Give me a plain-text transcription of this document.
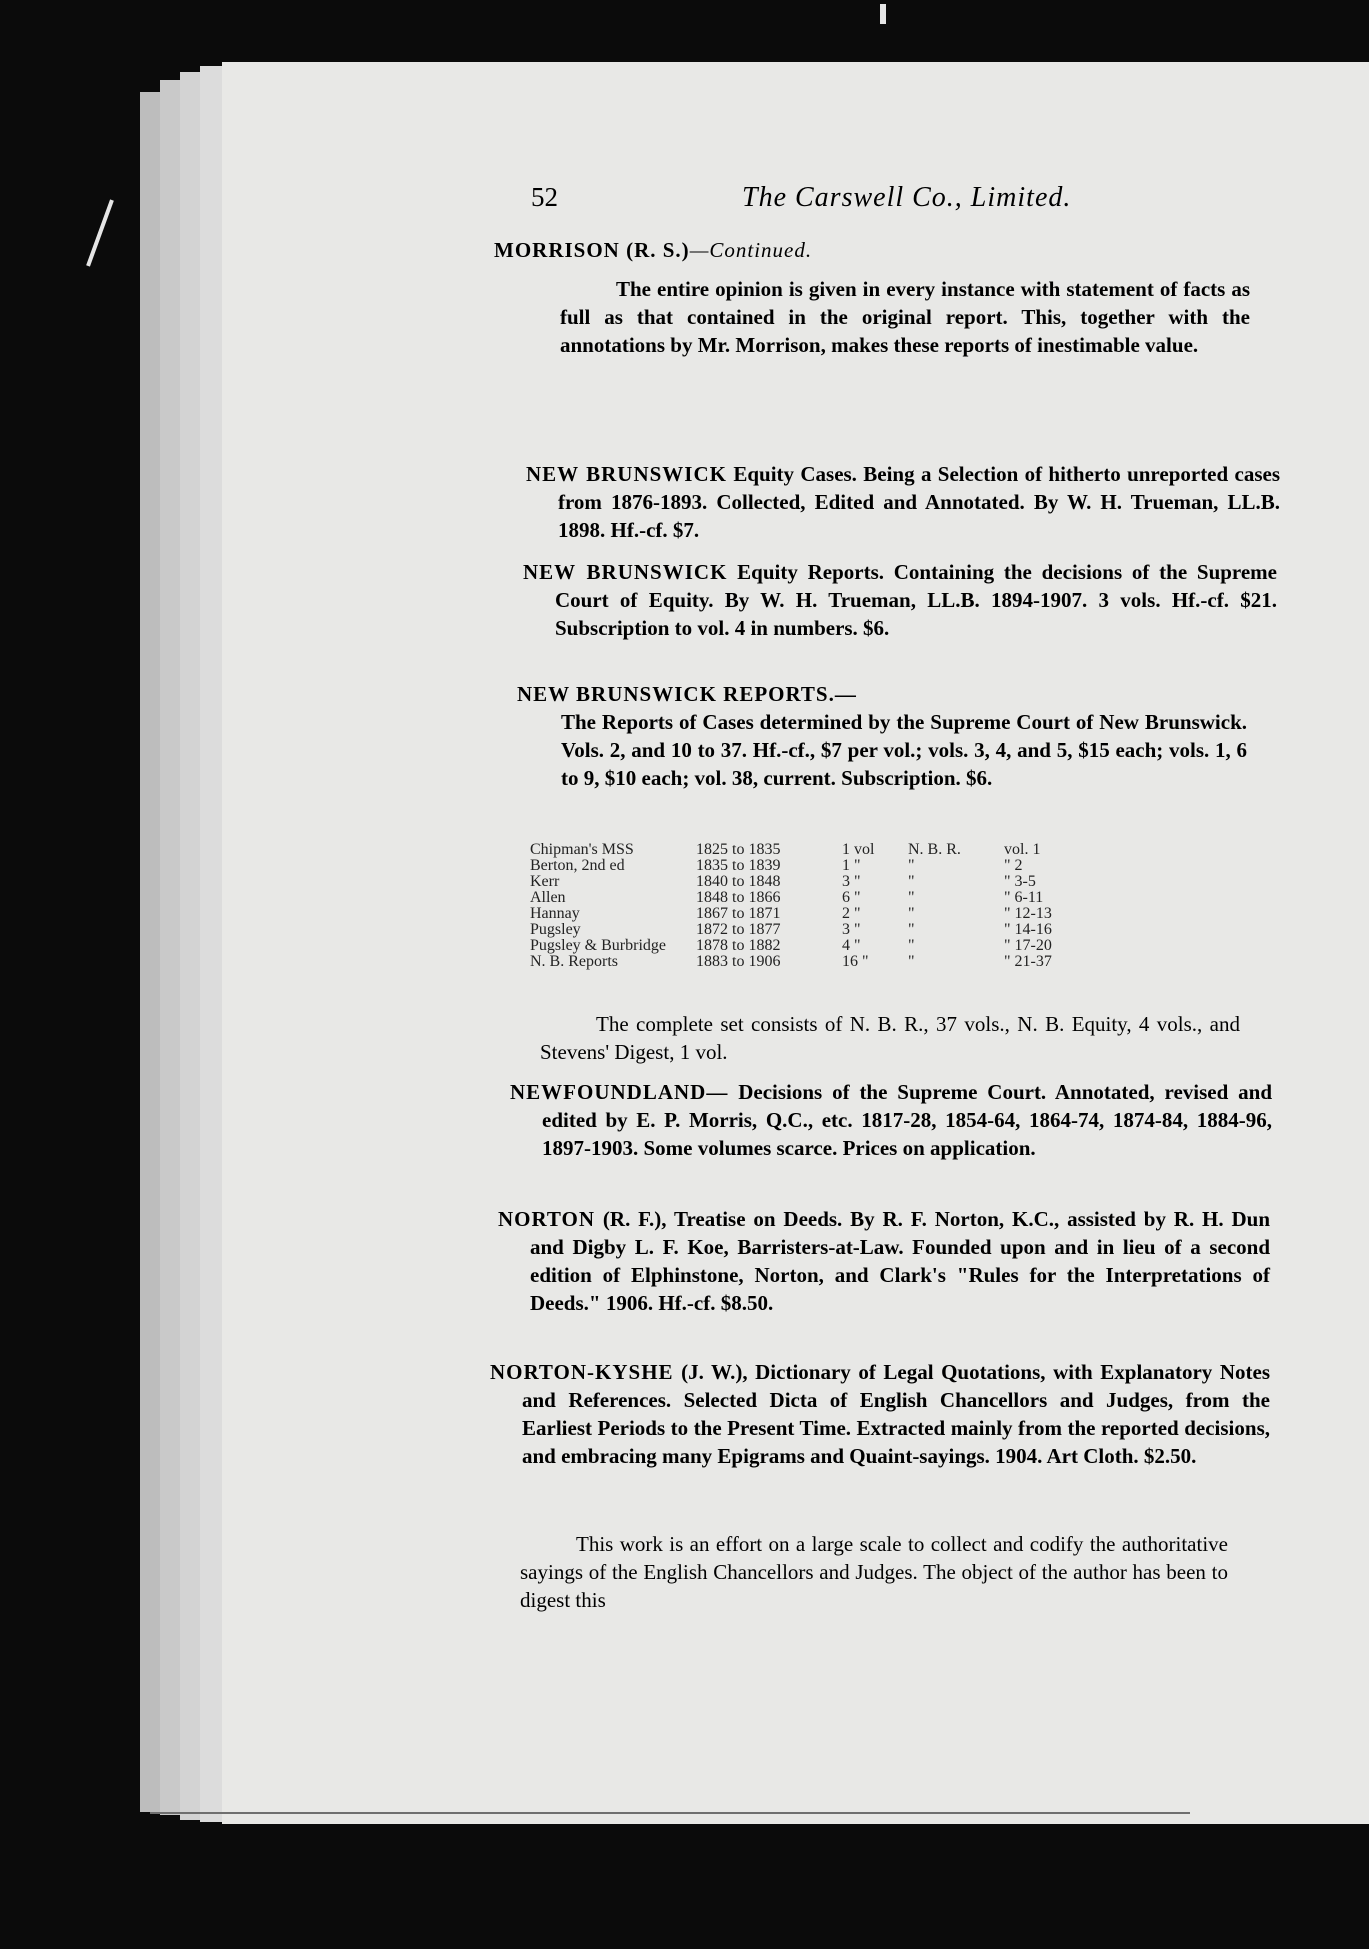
52	The Carswell Co., Limited.
MORRISON (R. S.)—Continued.
The entire opinion is given in every instance with statement of facts as full as that contained in the original report. This, together with the annotations by Mr. Morrison, makes these reports of inestimable value.
NEW BRUNSWICK Equity Cases. Being a Selection of hitherto unreported cases from 1876-1893. Collected, Edited and Annotated. By W. H. Trueman, LL.B. 1898. Hf.-cf. $7.
NEW BRUNSWICK Equity Reports. Containing the decisions of the Supreme Court of Equity. By W. H. Trueman, LL.B. 1894-1907. 3 vols. Hf.-cf. $21. Subscription to vol. 4 in numbers. $6.
NEW BRUNSWICK REPORTS.—
The Reports of Cases determined by the Supreme Court of New Brunswick. Vols. 2, and 10 to 37. Hf.-cf., $7 per vol.; vols. 3, 4, and 5, $15 each; vols. 1, 6 to 9, $10 each; vol. 38, current. Subscription. $6.
Chipman's MSS	1825 to 1835	1 vol	N. B. R.	vol. 1
Berton, 2nd ed	1835 to 1839	1 "	"	" 2
Kerr	1840 to 1848	3 "	"	" 3-5
Allen	1848 to 1866	6 "	"	" 6-11
Hannay	1867 to 1871	2 "	"	" 12-13
Pugsley	1872 to 1877	3 "	"	" 14-16
Pugsley & Burbridge	1878 to 1882	4 "	"	" 17-20
N. B. Reports	1883 to 1906	16 "	"	" 21-37
The complete set consists of N. B. R., 37 vols., N. B. Equity, 4 vols., and Stevens' Digest, 1 vol.
NEWFOUNDLAND— Decisions of the Supreme Court. Annotated, revised and edited by E. P. Morris, Q.C., etc. 1817-28, 1854-64, 1864-74, 1874-84, 1884-96, 1897-1903. Some volumes scarce. Prices on application.
NORTON (R. F.), Treatise on Deeds. By R. F. Norton, K.C., assisted by R. H. Dun and Digby L. F. Koe, Barristers-at-Law. Founded upon and in lieu of a second edition of Elphinstone, Norton, and Clark's "Rules for the Interpretations of Deeds." 1906. Hf.-cf. $8.50.
NORTON-KYSHE (J. W.), Dictionary of Legal Quotations, with Explanatory Notes and References. Selected Dicta of English Chancellors and Judges, from the Earliest Periods to the Present Time. Extracted mainly from the reported decisions, and embracing many Epigrams and Quaint-sayings. 1904. Art Cloth. $2.50.
This work is an effort on a large scale to collect and codify the authoritative sayings of the English Chancellors and Judges. The object of the author has been to digest this
